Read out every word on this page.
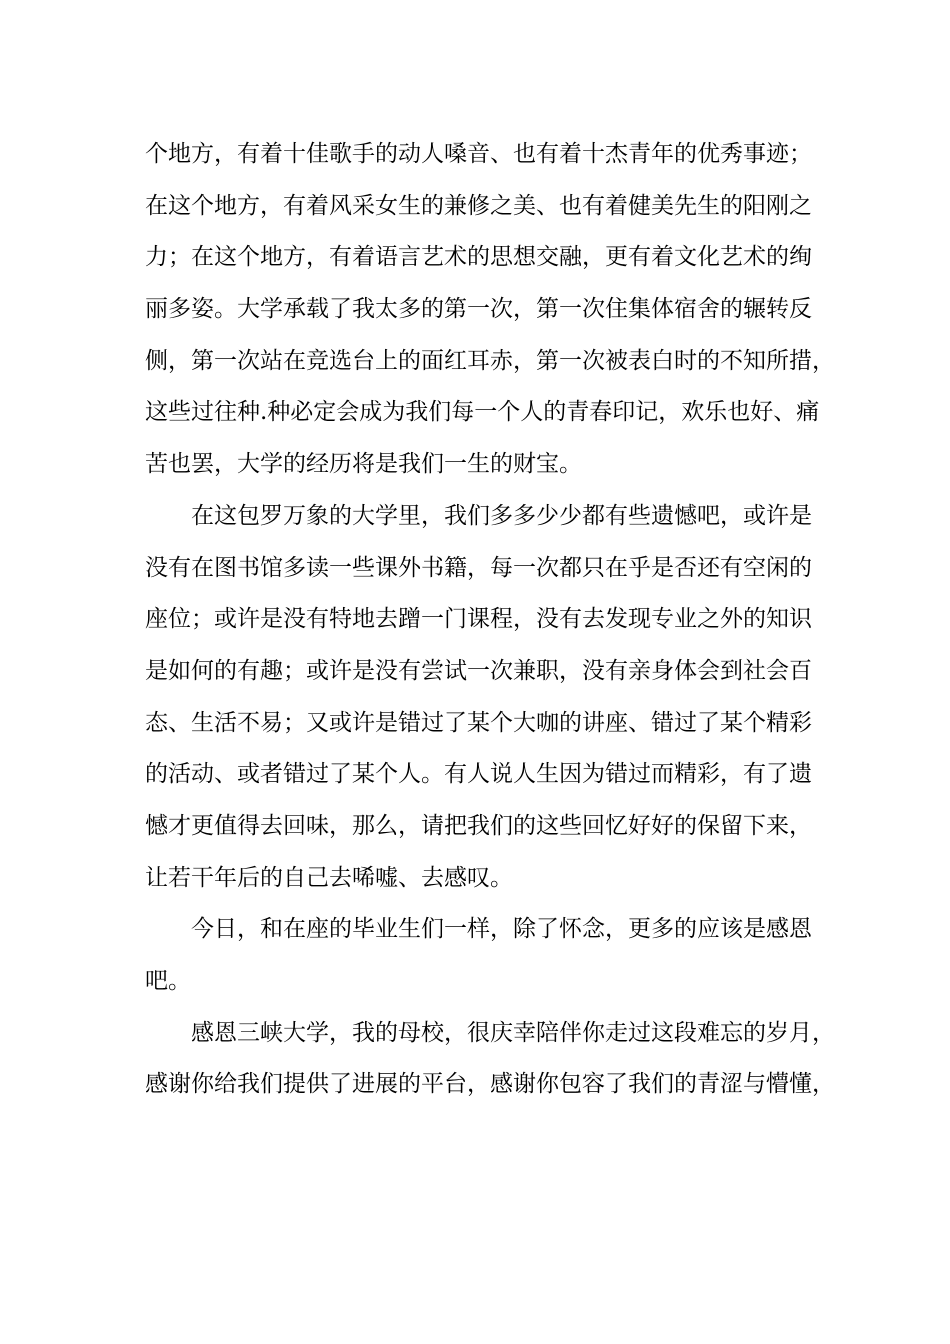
个地方，有着十佳歌手的动人嗓音、也有着十杰青年的优秀事迹；
在这个地方，有着风采女生的兼修之美、也有着健美先生的阳刚之
力；在这个地方，有着语言艺术的思想交融，更有着文化艺术的绚
丽多姿。大学承载了我太多的第一次，第一次住集体宿舍的辗转反
侧，第一次站在竞选台上的面红耳赤，第一次被表白时的不知所措，
这些过往种.种必定会成为我们每一个人的青春印记，欢乐也好、痛
苦也罢，大学的经历将是我们一生的财宝。
在这包罗万象的大学里，我们多多少少都有些遗憾吧，或许是
没有在图书馆多读一些课外书籍，每一次都只在乎是否还有空闲的
座位；或许是没有特地去蹭一门课程，没有去发现专业之外的知识
是如何的有趣；或许是没有尝试一次兼职，没有亲身体会到社会百
态、生活不易；又或许是错过了某个大咖的讲座、错过了某个精彩
的活动、或者错过了某个人。有人说人生因为错过而精彩，有了遗
憾才更值得去回味，那么，请把我们的这些回忆好好的保留下来，
让若干年后的自己去唏嘘、去感叹。
今日，和在座的毕业生们一样，除了怀念，更多的应该是感恩
吧。
感恩三峡大学，我的母校，很庆幸陪伴你走过这段难忘的岁月，
感谢你给我们提供了进展的平台，感谢你包容了我们的青涩与懵懂，
